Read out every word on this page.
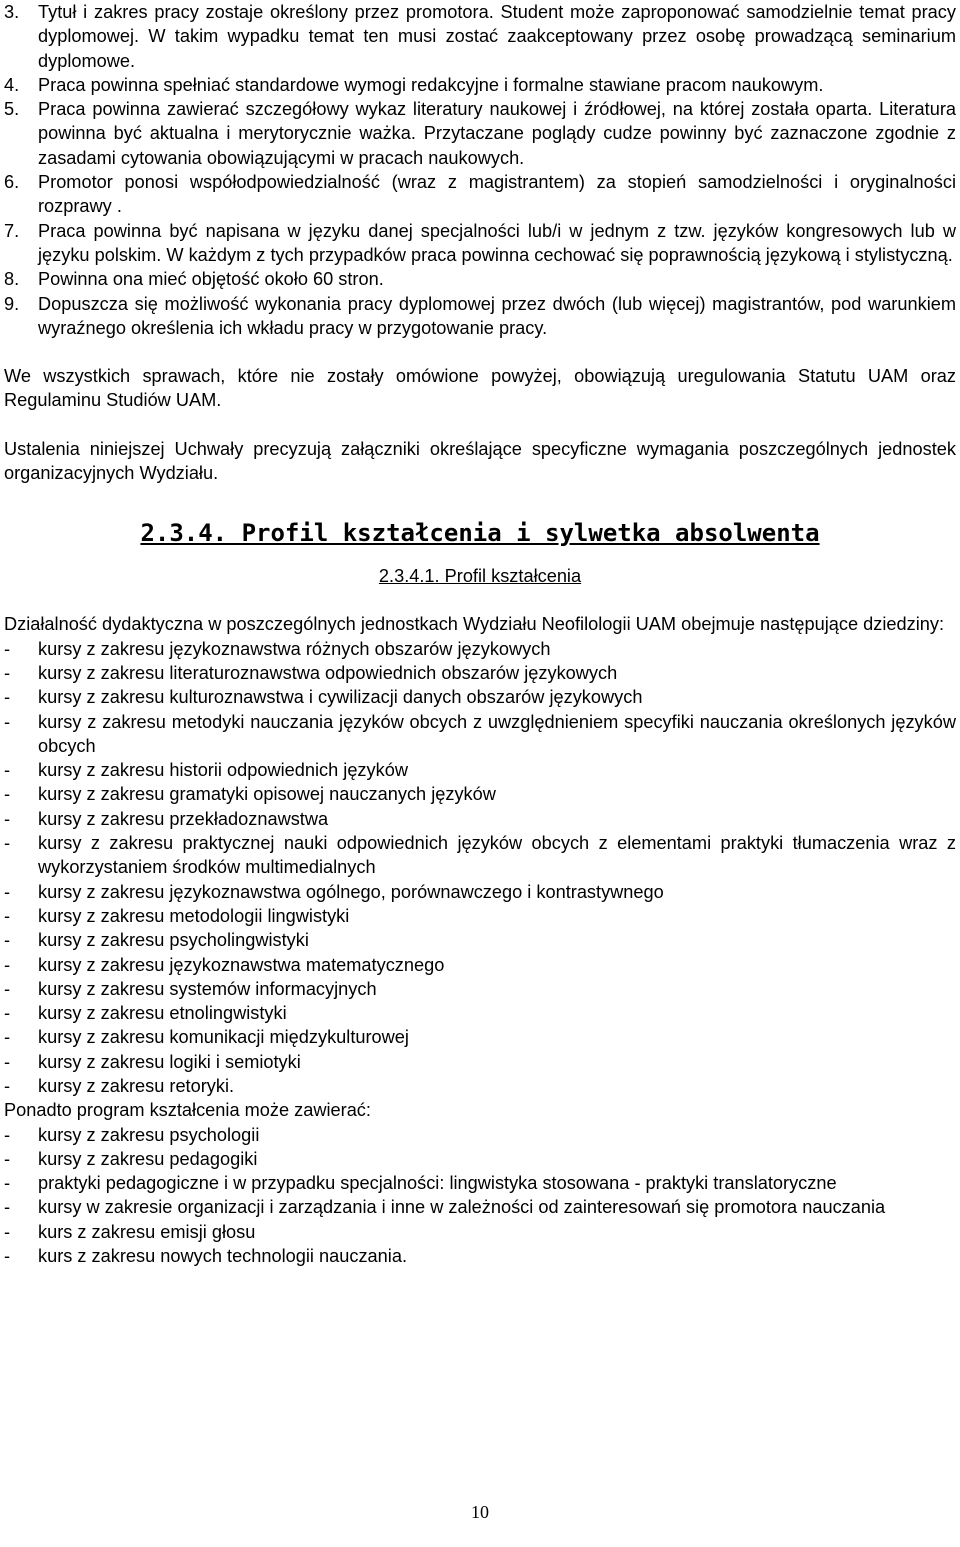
3.	Tytuł i zakres pracy zostaje określony przez promotora. Student może zaproponować samodzielnie temat pracy dyplomowej. W takim wypadku temat ten musi zostać zaakceptowany przez osobę prowadzącą seminarium dyplomowe.
4.	Praca powinna spełniać standardowe wymogi redakcyjne i formalne stawiane pracom naukowym.
5.	Praca powinna zawierać szczegółowy wykaz literatury naukowej i źródłowej, na której została oparta. Literatura powinna być aktualna i merytorycznie ważka. Przytaczane poglądy cudze powinny być zaznaczone zgodnie z zasadami cytowania obowiązującymi w pracach naukowych.
6.	Promotor ponosi współodpowiedzialność (wraz z magistrantem) za stopień samodzielności i oryginalności rozprawy .
7.	Praca powinna być napisana w języku danej specjalności lub/i w jednym z tzw. języków kongresowych lub w języku polskim. W każdym z tych przypadków praca powinna cechować się poprawnością językową i stylistyczną.
8.	Powinna ona mieć objętość około 60 stron.
9.	Dopuszcza się możliwość wykonania pracy dyplomowej przez dwóch (lub więcej) magistrantów, pod warunkiem wyraźnego określenia ich wkładu pracy w przygotowanie pracy.

We wszystkich sprawach, które nie zostały omówione powyżej, obowiązują uregulowania Statutu UAM oraz Regulaminu Studiów UAM.

Ustalenia niniejszej Uchwały precyzują załączniki określające specyficzne wymagania poszczególnych jednostek organizacyjnych Wydziału.

2.3.4. Profil kształcenia i sylwetka absolwenta
2.3.4.1. Profil kształcenia

Działalność dydaktyczna w poszczególnych jednostkach Wydziału Neofilologii UAM obejmuje następujące dziedziny:

-	kursy z zakresu językoznawstwa różnych obszarów językowych
-	kursy z zakresu literaturoznawstwa odpowiednich obszarów językowych
-	kursy z zakresu kulturoznawstwa i cywilizacji danych obszarów językowych
-	kursy z zakresu metodyki nauczania języków obcych z uwzględnieniem specyfiki nauczania określonych języków obcych
-	kursy z zakresu historii odpowiednich języków
-	kursy z zakresu gramatyki opisowej nauczanych języków
-	kursy z zakresu przekładoznawstwa
-	kursy z zakresu praktycznej nauki odpowiednich języków obcych z elementami praktyki tłumaczenia wraz z wykorzystaniem środków multimedialnych
-	kursy z zakresu językoznawstwa ogólnego, porównawczego i kontrastywnego
-	kursy z zakresu metodologii lingwistyki
-	kursy z zakresu psycholingwistyki
-	kursy z zakresu językoznawstwa matematycznego
-	kursy z zakresu systemów informacyjnych
-	kursy z zakresu etnolingwistyki
-	kursy z zakresu komunikacji międzykulturowej
-	kursy z zakresu logiki i semiotyki
-	kursy z zakresu retoryki.

Ponadto program kształcenia może zawierać:

-	kursy z zakresu psychologii
-	kursy z zakresu pedagogiki
-	praktyki pedagogiczne i w przypadku specjalności: lingwistyka stosowana - praktyki translatoryczne
-	kursy w zakresie organizacji i zarządzania i inne w zależności od zainteresowań się promotora nauczania
-	kurs z zakresu emisji głosu
-	kurs z zakresu nowych technologii nauczania.
10
